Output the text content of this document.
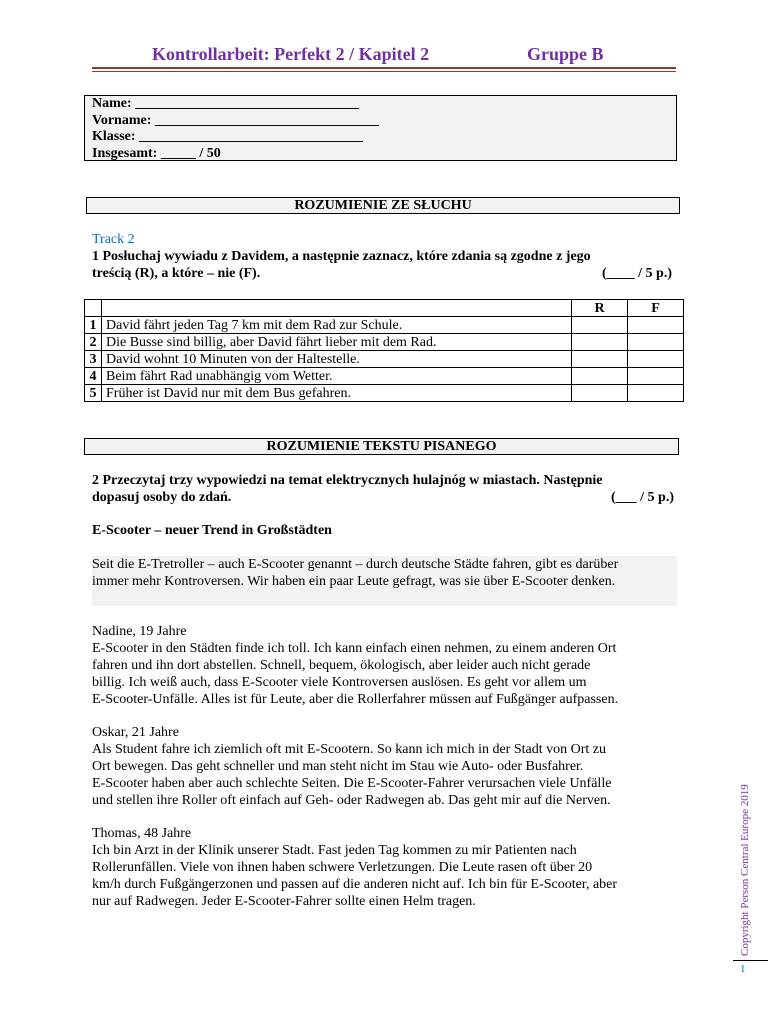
Kontrollarbeit: Perfekt 2 / Kapitel 2	Gruppe B
Name: ________________________________
Vorname: ________________________________
Klasse: ________________________________
Insgesamt: _____ / 50
ROZUMIENIE ZE SŁUCHU
Track 2
1 Posłuchaj wywiadu z Davidem, a następnie zaznacz, które zdania są zgodne z jego
treścią (R), a które – nie (F).	(____ / 5 p.)
		R	F
1	David fährt jeden Tag 7 km mit dem Rad zur Schule.		
2	Die Busse sind billig, aber David fährt lieber mit dem Rad.		
3	David wohnt 10 Minuten von der Haltestelle.		
4	Beim fährt Rad unabhängig vom Wetter.		
5	Früher ist David nur mit dem Bus gefahren.		
ROZUMIENIE TEKSTU PISANEGO
2 Przeczytaj trzy wypowiedzi na temat elektrycznych hulajnóg w miastach. Następnie
dopasuj osoby do zdań.	(___ / 5 p.)
E-Scooter – neuer Trend in Großstädten
Seit die E-Tretroller – auch E-Scooter genannt – durch deutsche Städte fahren, gibt es darüber
immer mehr Kontroversen. Wir haben ein paar Leute gefragt, was sie über E-Scooter denken.
Nadine, 19 Jahre
E-Scooter in den Städten finde ich toll. Ich kann einfach einen nehmen, zu einem anderen Ort
fahren und ihn dort abstellen. Schnell, bequem, ökologisch, aber leider auch nicht gerade
billig. Ich weiß auch, dass E-Scooter viele Kontroversen auslösen. Es geht vor allem um
E-Scooter-Unfälle. Alles ist für Leute, aber die Rollerfahrer müssen auf Fußgänger aufpassen.
Oskar, 21 Jahre
Als Student fahre ich ziemlich oft mit E-Scootern. So kann ich mich in der Stadt von Ort zu
Ort bewegen. Das geht schneller und man steht nicht im Stau wie Auto- oder Busfahrer.
E-Scooter haben aber auch schlechte Seiten. Die E-Scooter-Fahrer verursachen viele Unfälle
und stellen ihre Roller oft einfach auf Geh- oder Radwegen ab. Das geht mir auf die Nerven.
Thomas, 48 Jahre
Ich bin Arzt in der Klinik unserer Stadt. Fast jeden Tag kommen zu mir Patienten nach
Rollerunfällen. Viele von ihnen haben schwere Verletzungen. Die Leute rasen oft über 20
km/h durch Fußgängerzonen und passen auf die anderen nicht auf. Ich bin für E-Scooter, aber
nur auf Radwegen. Jeder E-Scooter-Fahrer sollte einen Helm tragen.	Copyright Person Central Europe 2019
1
